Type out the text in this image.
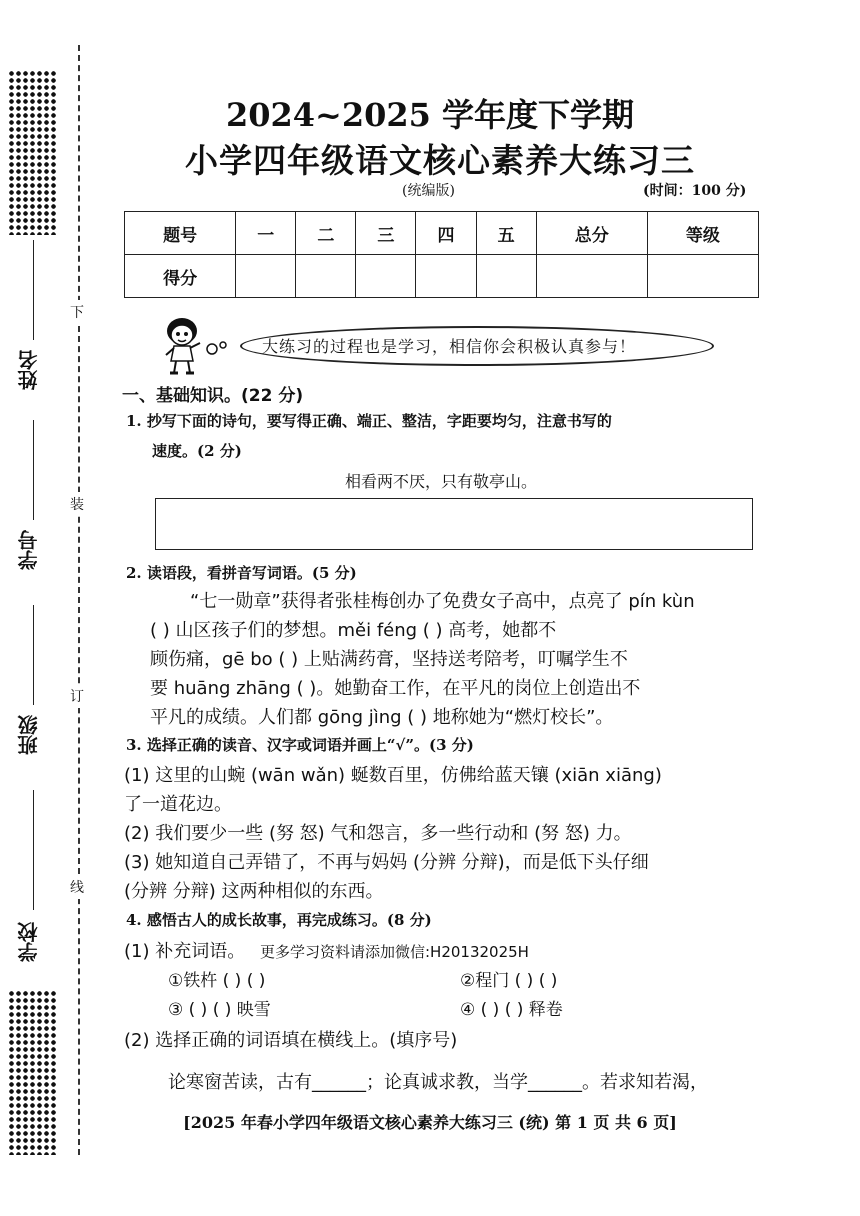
姓名
学号
班级
学校
下
装
订
线
2024~2025 学年度下学期
小学四年级语文核心素养大练习三
(统编版)	(时间：100 分)
题号	一	二	三	四	五	总分	等级
得分							
大练习的过程也是学习，相信你会积极认真参与！
一、基础知识。(22 分)
1. 抄写下面的诗句，要写得正确、端正、整洁，字距要均匀，注意书写的
速度。(2 分)
相看两不厌，只有敬亭山。
2. 读语段，看拼音写词语。(5 分)
“七一勋章”获得者张桂梅创办了免费女子高中，点亮了 pín kùn
( ) 山区孩子们的梦想。měi féng ( ) 高考，她都不
顾伤痛，gē bo ( ) 上贴满药膏，坚持送考陪考，叮嘱学生不
要 huāng zhāng ( )。她勤奋工作，在平凡的岗位上创造出不
平凡的成绩。人们都 gōng jìng ( ) 地称她为“燃灯校长”。
3. 选择正确的读音、汉字或词语并画上“√”。(3 分)
(1) 这里的山蜿 (wān wǎn) 蜒数百里，仿佛给蓝天镶 (xiān xiāng)
了一道花边。
(2) 我们要少一些 (努 怒) 气和怨言，多一些行动和 (努 怒) 力。
(3) 她知道自己弄错了，不再与妈妈 (分辨 分辩)，而是低下头仔细
(分辨 分辩) 这两种相似的东西。
4. 感悟古人的成长故事，再完成练习。(8 分)
(1) 补充词语。 更多学习资料请添加微信:H20132025H
①铁杵 ( ) ( )	②程门 ( ) ( )
③ ( ) ( ) 映雪	④ ( ) ( ) 释卷
(2) 选择正确的词语填在横线上。(填序号)
论寒窗苦读，古有______；论真诚求教，当学______。若求知若渴，
[2025 年春小学四年级语文核心素养大练习三 (统) 第 1 页 共 6 页]
